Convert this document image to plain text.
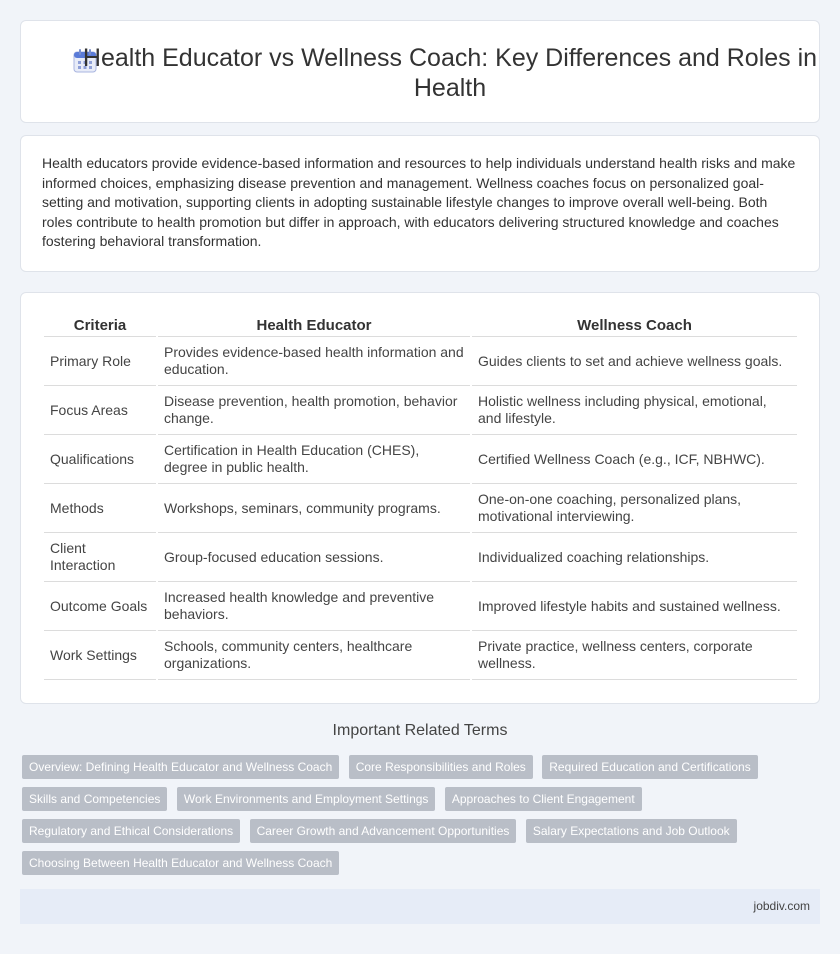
Health Educator vs Wellness Coach: Key Differences and Roles in Health

Health educators provide evidence-based information and resources to help individuals understand health risks and make informed choices, emphasizing disease prevention and management. Wellness coaches focus on personalized goal-setting and motivation, supporting clients in adopting sustainable lifestyle changes to improve overall well-being. Both roles contribute to health promotion but differ in approach, with educators delivering structured knowledge and coaches fostering behavioral transformation.

Criteria	Health Educator	Wellness Coach
Primary Role	Provides evidence-based health information and education.	Guides clients to set and achieve wellness goals.
Focus Areas	Disease prevention, health promotion, behavior change.	Holistic wellness including physical, emotional, and lifestyle.
Qualifications	Certification in Health Education (CHES), degree in public health.	Certified Wellness Coach (e.g., ICF, NBHWC).
Methods	Workshops, seminars, community programs.	One-on-one coaching, personalized plans, motivational interviewing.
Client Interaction	Group-focused education sessions.	Individualized coaching relationships.
Outcome Goals	Increased health knowledge and preventive behaviors.	Improved lifestyle habits and sustained wellness.
Work Settings	Schools, community centers, healthcare organizations.	Private practice, wellness centers, corporate wellness.
Important Related Terms
Overview: Defining Health Educator and Wellness Coach Core Responsibilities and Roles Required Education and Certifications Skills and Competencies Work Environments and Employment Settings Approaches to Client Engagement Regulatory and Ethical Considerations Career Growth and Advancement Opportunities Salary Expectations and Job Outlook Choosing Between Health Educator and Wellness Coach
jobdiv.com
